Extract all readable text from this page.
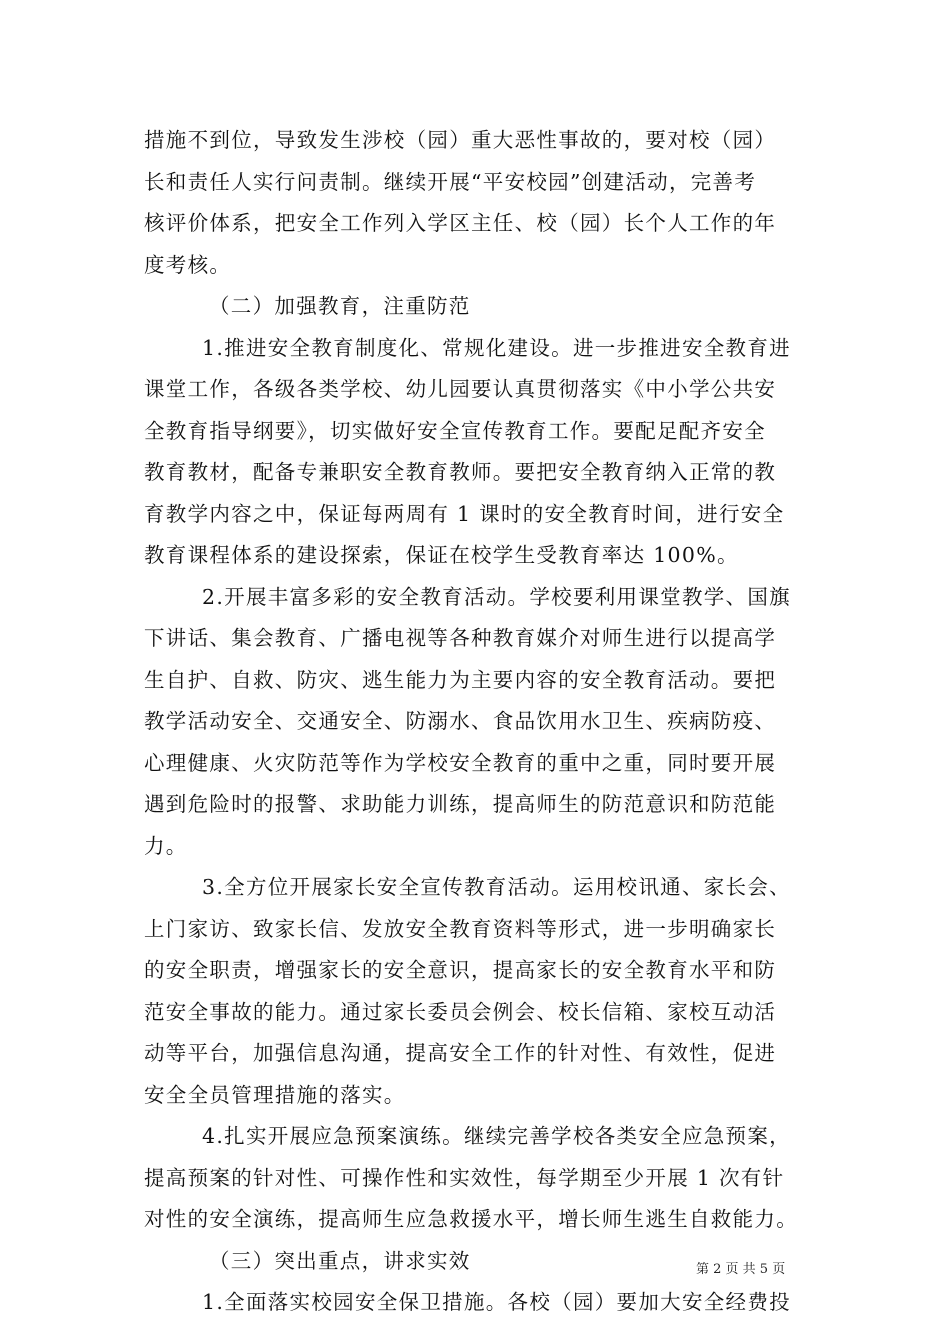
措施不到位，导致发生涉校（园）重大恶性事故的，要对校（园）
长和责任人实行问责制。继续开展“平安校园”创建活动，完善考
核评价体系，把安全工作列入学区主任、校（园）长个人工作的年
度考核。
（二）加强教育，注重防范
1.推进安全教育制度化、常规化建设。进一步推进安全教育进
课堂工作，各级各类学校、幼儿园要认真贯彻落实《中小学公共安
全教育指导纲要》，切实做好安全宣传教育工作。要配足配齐安全
教育教材，配备专兼职安全教育教师。要把安全教育纳入正常的教
育教学内容之中，保证每两周有 1 课时的安全教育时间，进行安全
教育课程体系的建设探索，保证在校学生受教育率达 100%。
2.开展丰富多彩的安全教育活动。学校要利用课堂教学、国旗
下讲话、集会教育、广播电视等各种教育媒介对师生进行以提高学
生自护、自救、防灾、逃生能力为主要内容的安全教育活动。要把
教学活动安全、交通安全、防溺水、食品饮用水卫生、疾病防疫、
心理健康、火灾防范等作为学校安全教育的重中之重，同时要开展
遇到危险时的报警、求助能力训练，提高师生的防范意识和防范能
力。
3.全方位开展家长安全宣传教育活动。运用校讯通、家长会、
上门家访、致家长信、发放安全教育资料等形式，进一步明确家长
的安全职责，增强家长的安全意识，提高家长的安全教育水平和防
范安全事故的能力。通过家长委员会例会、校长信箱、家校互动活
动等平台，加强信息沟通，提高安全工作的针对性、有效性，促进
安全全员管理措施的落实。
4.扎实开展应急预案演练。继续完善学校各类安全应急预案，
提高预案的针对性、可操作性和实效性，每学期至少开展 1 次有针
对性的安全演练，提高师生应急救援水平，增长师生逃生自救能力。
（三）突出重点，讲求实效
1.全面落实校园安全保卫措施。各校（园）要加大安全经费投
第 2 页 共 5 页
